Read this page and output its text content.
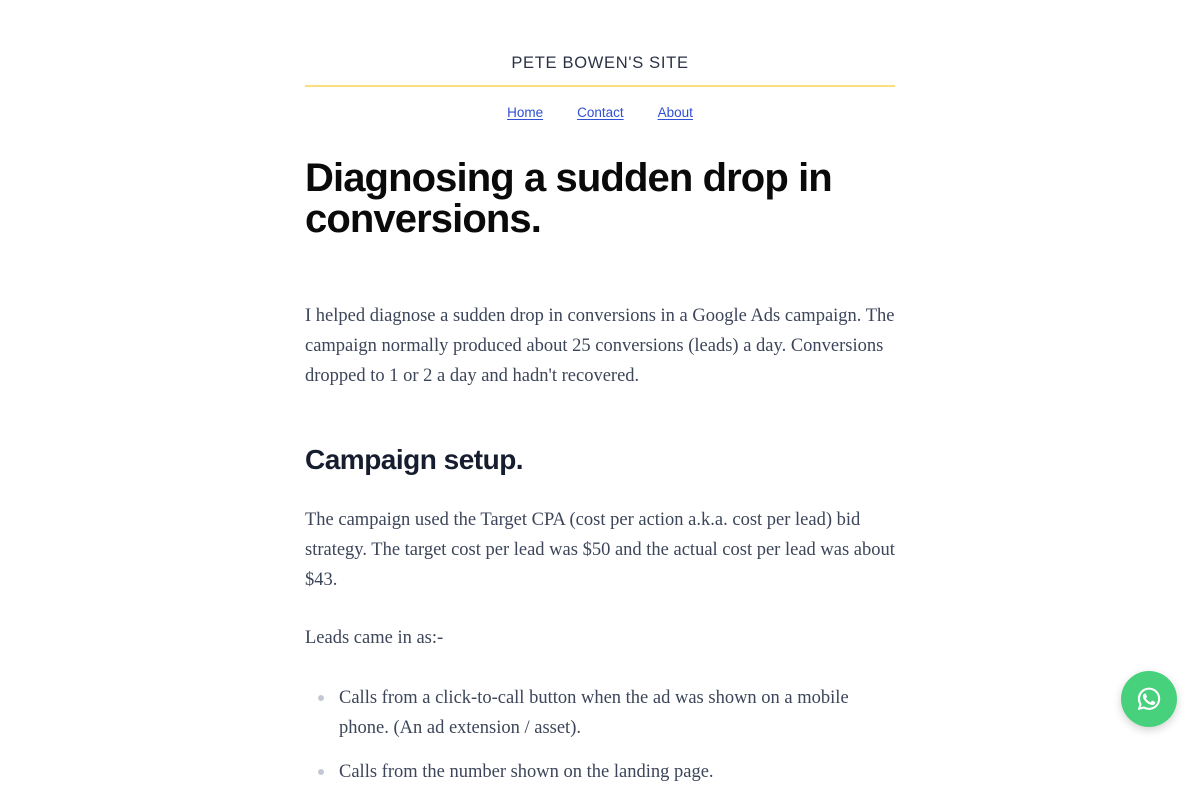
PETE BOWEN'S SITE
Home	Contact	About
Diagnosing a sudden drop in conversions.

I helped diagnose a sudden drop in conversions in a Google Ads campaign. The campaign normally produced about 25 conversions (leads) a day. Conversions dropped to 1 or 2 a day and hadn't recovered.

Campaign setup.

The campaign used the Target CPA (cost per action a.k.a. cost per lead) bid strategy. The target cost per lead was $50 and the actual cost per lead was about $43.

Leads came in as:-

Calls from a click-to-call button when the ad was shown on a mobile phone. (An ad extension / asset).
Calls from the number shown on the landing page.
